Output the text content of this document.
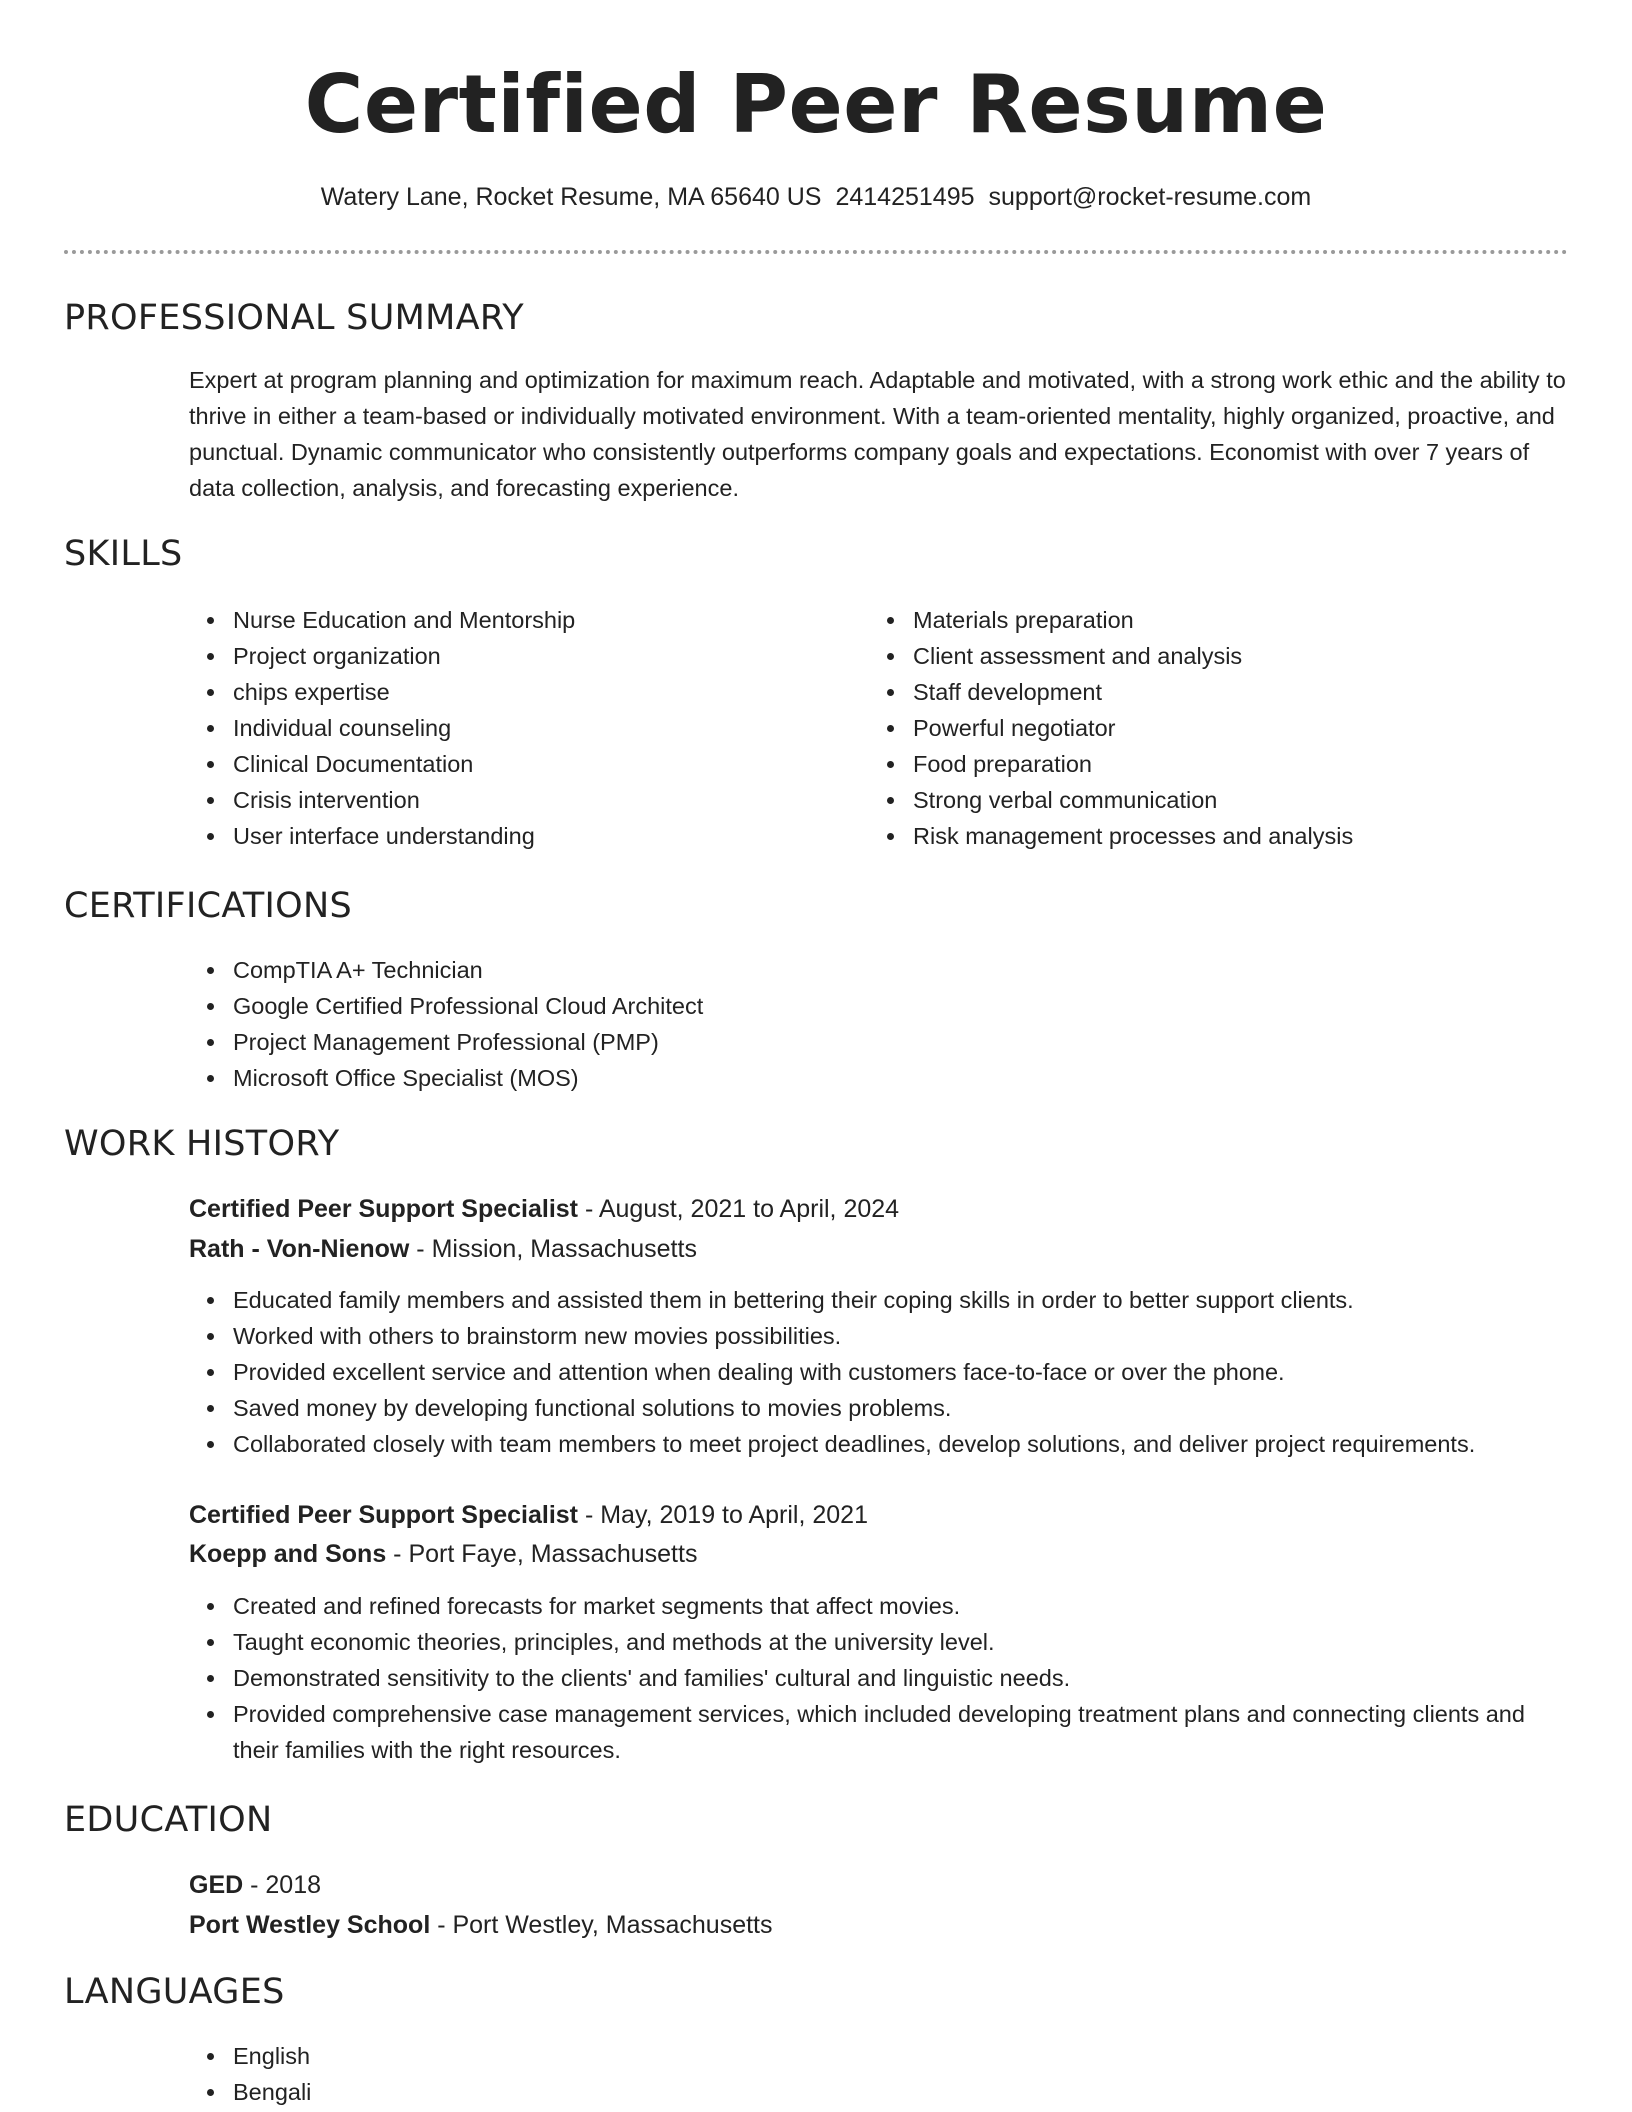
Certified Peer Resume
Watery Lane, Rocket Resume, MA 65640 US 2414251495 support@rocket-resume.com
PROFESSIONAL SUMMARY

Expert at program planning and optimization for maximum reach. Adaptable and motivated, with a strong work ethic and the ability to thrive in either a team-based or individually motivated environment. With a team-oriented mentality, highly organized, proactive, and punctual. Dynamic communicator who consistently outperforms company goals and expectations. Economist with over 7 years of data collection, analysis, and forecasting experience.

SKILLS
Nurse Education and Mentorship
Project organization
chips expertise
Individual counseling
Clinical Documentation
Crisis intervention
User interface understanding
Materials preparation
Client assessment and analysis
Staff development
Powerful negotiator
Food preparation
Strong verbal communication
Risk management processes and analysis
CERTIFICATIONS
CompTIA A+ Technician
Google Certified Professional Cloud Architect
Project Management Professional (PMP)
Microsoft Office Specialist (MOS)
WORK HISTORY
Certified Peer Support Specialist - August, 2021 to April, 2024
Rath - Von-Nienow - Mission, Massachusetts
Educated family members and assisted them in bettering their coping skills in order to better support clients.
Worked with others to brainstorm new movies possibilities.
Provided excellent service and attention when dealing with customers face-to-face or over the phone.
Saved money by developing functional solutions to movies problems.
Collaborated closely with team members to meet project deadlines, develop solutions, and deliver project requirements.
Certified Peer Support Specialist - May, 2019 to April, 2021
Koepp and Sons - Port Faye, Massachusetts
Created and refined forecasts for market segments that affect movies.
Taught economic theories, principles, and methods at the university level.
Demonstrated sensitivity to the clients' and families' cultural and linguistic needs.
Provided comprehensive case management services, which included developing treatment plans and connecting clients and their families with the right resources.
EDUCATION
GED - 2018
Port Westley School - Port Westley, Massachusetts
LANGUAGES
English
Bengali
